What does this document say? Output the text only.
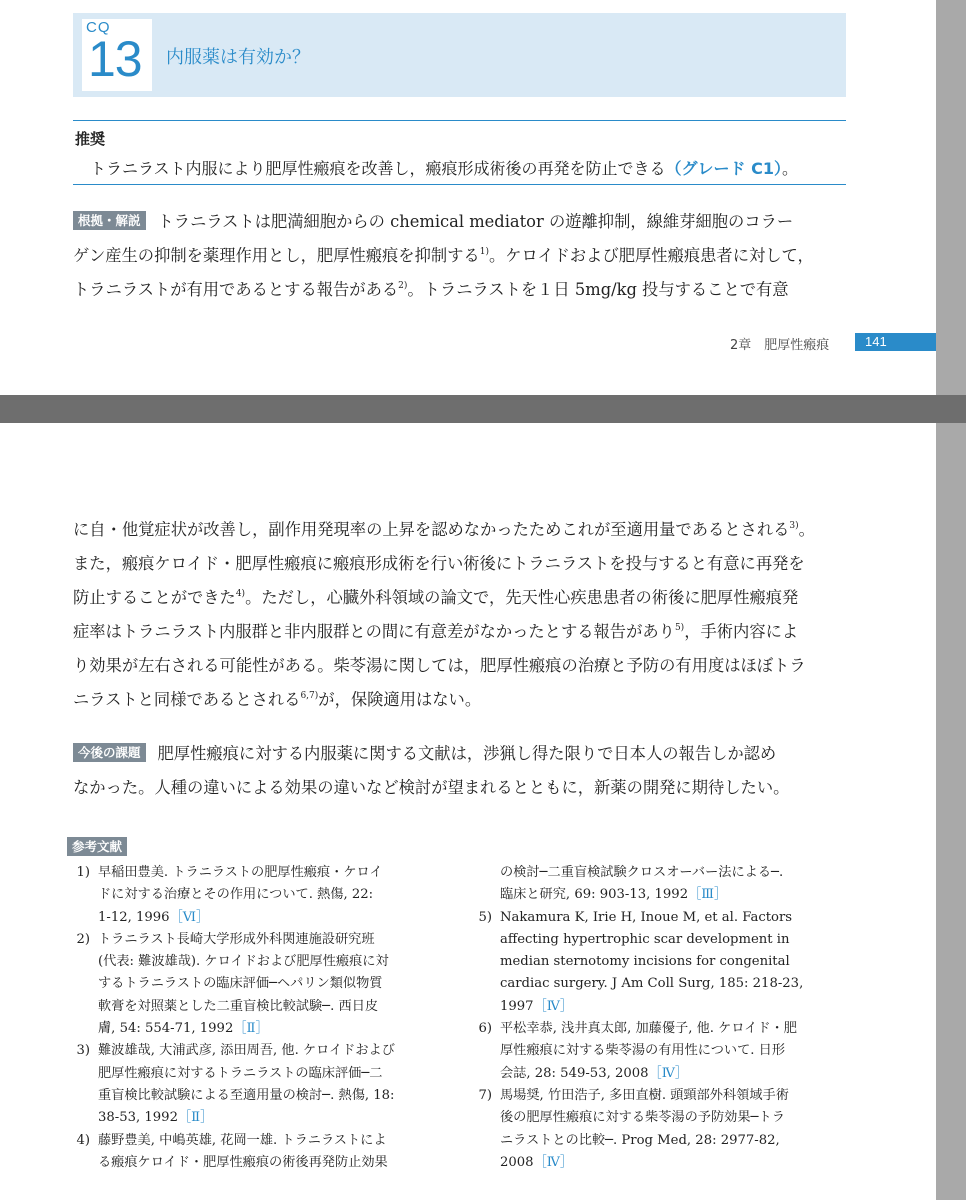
CQ
13 内服薬は有効か？
推奨
トラニラスト内服により肥厚性瘢痕を改善し，瘢痕形成術後の再発を防止できる（グレード C1）。
根拠・解説 トラニラストは肥満細胞からの chemical mediator の遊離抑制，線維芽細胞のコラー
ゲン産生の抑制を薬理作用とし，肥厚性瘢痕を抑制する$^{1)}$。ケロイドおよび肥厚性瘢痕患者に対して，
トラニラストが有用であるとする報告がある$^{2)}$。トラニラストを１日 5mg/kg 投与することで有意
2章　肥厚性瘢痕	141
に自・他覚症状が改善し，副作用発現率の上昇を認めなかったためこれが至適用量であるとされる$^{3)}$。
また，瘢痕ケロイド・肥厚性瘢痕に瘢痕形成術を行い術後にトラニラストを投与すると有意に再発を
防止することができた$^{4)}$。ただし，心臓外科領域の論文で，先天性心疾患患者の術後に肥厚性瘢痕発
症率はトラニラスト内服群と非内服群との間に有意差がなかったとする報告があり$^{5)}$，手術内容によ
り効果が左右される可能性がある。柴苓湯に関しては，肥厚性瘢痕の治療と予防の有用度はほぼトラ
ニラストと同様であるとされる$^{6,7)}$が，保険適用はない。
今後の課題 肥厚性瘢痕に対する内服薬に関する文献は，渉猟し得た限りで日本人の報告しか認め
なかった。人種の違いによる効果の違いなど検討が望まれるとともに，新薬の開発に期待したい。
参考文献
1) 早稲田豊美. トラニラストの肥厚性瘢痕・ケロイ
ドに対する治療とその作用について. 熱傷, 22:
1-12, 1996［Ⅵ］
2) トラニラスト長崎大学形成外科関連施設研究班
(代表: 難波雄哉). ケロイドおよび肥厚性瘢痕に対
するトラニラストの臨床評価─ヘパリン類似物質
軟膏を対照薬とした二重盲検比較試験─. 西日皮
膚, 54: 554-71, 1992［Ⅱ］
3) 難波雄哉, 大浦武彦, 添田周吾, 他. ケロイドおよび
肥厚性瘢痕に対するトラニラストの臨床評価─二
重盲検比較試験による至適用量の検討─. 熱傷, 18:
38-53, 1992［Ⅱ］
4) 藤野豊美, 中嶋英雄, 花岡一雄. トラニラストによ
る瘢痕ケロイド・肥厚性瘢痕の術後再発防止効果
の検討─二重盲検試験クロスオーバー法による─.
臨床と研究, 69: 903-13, 1992［Ⅲ］
5) Nakamura K, Irie H, Inoue M, et al. Factors
affecting hypertrophic scar development in
median sternotomy incisions for congenital
cardiac surgery. J Am Coll Surg, 185: 218-23,
1997［Ⅳ］
6) 平松幸恭, 浅井真太郎, 加藤優子, 他. ケロイド・肥
厚性瘢痕に対する柴苓湯の有用性について. 日形
会誌, 28: 549-53, 2008［Ⅳ］
7) 馬場奨, 竹田浩子, 多田直樹. 頭頸部外科領域手術
後の肥厚性瘢痕に対する柴苓湯の予防効果─トラ
ニラストとの比較─. Prog Med, 28: 2977-82,
2008［Ⅳ］
